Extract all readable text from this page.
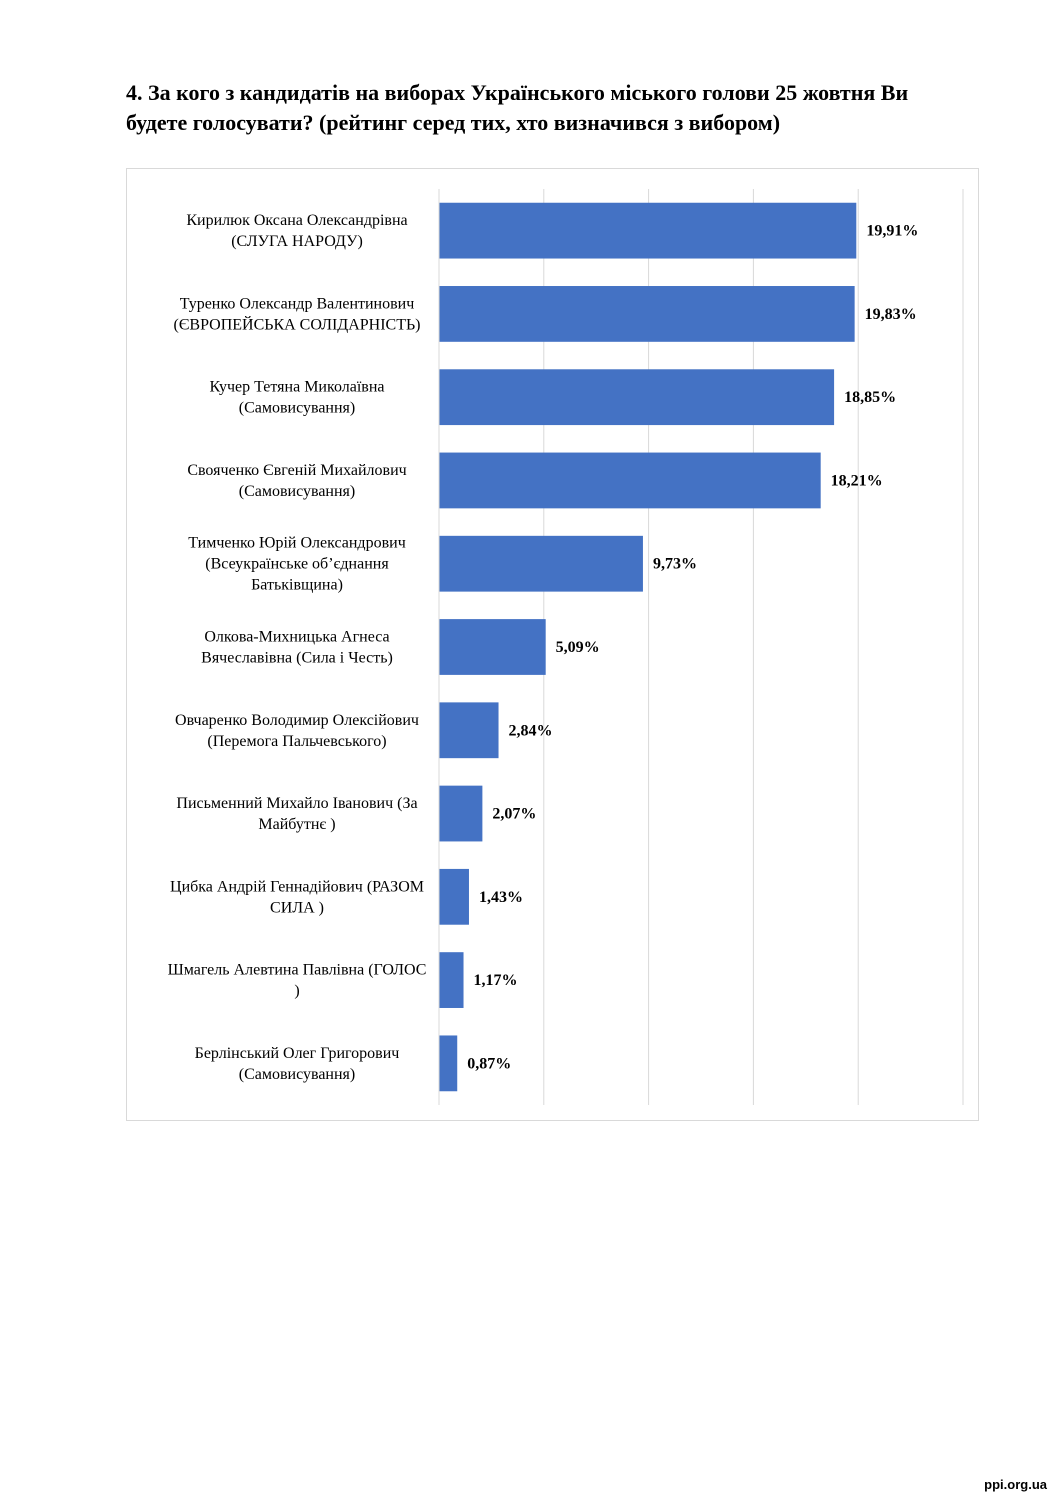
4. За кого з кандидатів на виборах Українського міського голови 25 жовтня Ви будете голосувати? (рейтинг серед тих, хто визначився з вибором)
19,91%
Кирилюк Оксана Олександрівна (СЛУГА НАРОДУ)
19,83%
Туренко Олександр Валентинович (ЄВРОПЕЙСЬКА СОЛІДАРНІСТЬ)
18,85%
Кучер Тетяна Миколаївна (Самовисування)
18,21%
Свояченко Євгеній Михайлович (Самовисування)
9,73%
Тимченко Юрій Олександрович (Всеукраїнське об’єднання Батьківщина)
5,09%
Олкова-Михницька Агнеса Вячеславівна (Сила і Честь)
2,84%
Овчаренко Володимир Олексійович (Перемога Пальчевського)
2,07%
Письменний Михайло Іванович (За Майбутнє )
1,43%
Цибка Андрій Геннадійович (РАЗОМ СИЛА )
1,17%
Шмагель Алевтина Павлівна (ГОЛОС )
0,87%
Берлінський Олег Григорович (Самовисування)
ppi.org.ua
